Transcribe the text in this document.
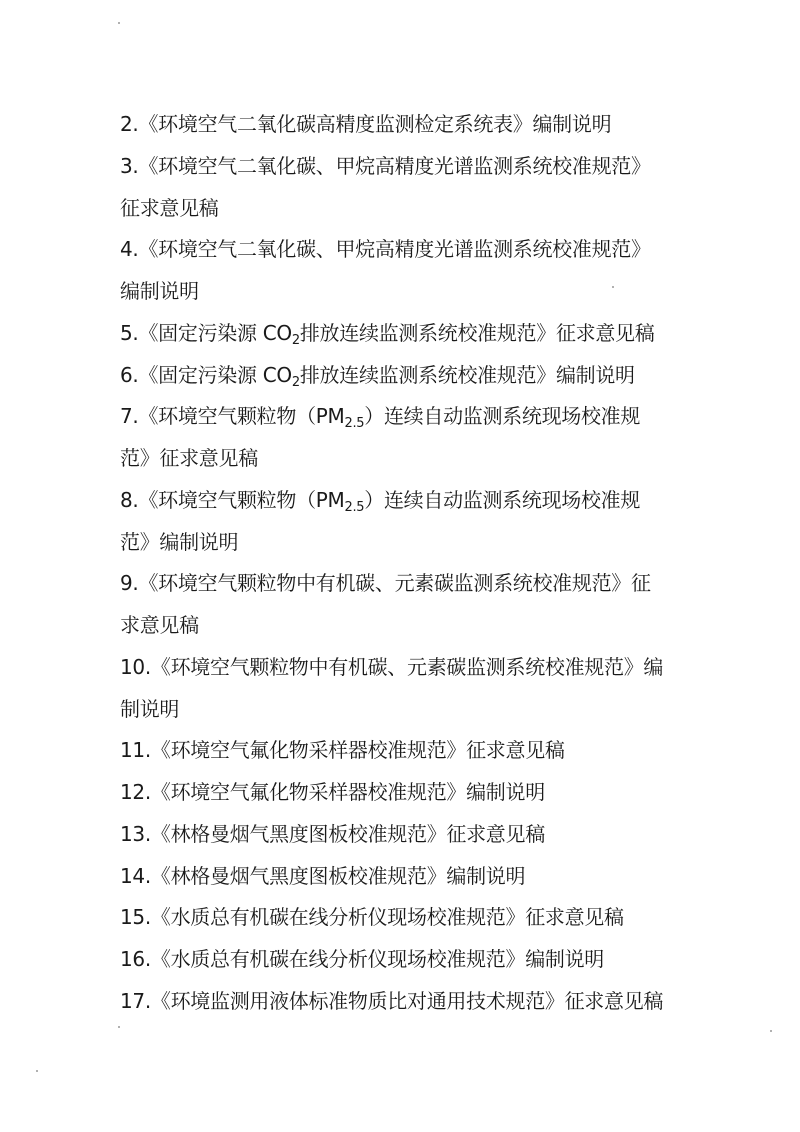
2.《环境空气二氧化碳高精度监测检定系统表》编制说明
3.《环境空气二氧化碳、甲烷高精度光谱监测系统校准规范》
征求意见稿
4.《环境空气二氧化碳、甲烷高精度光谱监测系统校准规范》
编制说明
5.《固定污染源 $CO_2$排放连续监测系统校准规范》征求意见稿
6.《固定污染源 $CO_2$排放连续监测系统校准规范》编制说明
7.《环境空气颗粒物$(PM_{2.5})$连续自动监测系统现场校准规
范》征求意见稿
8.《环境空气颗粒物$(PM_{2.5})$连续自动监测系统现场校准规
范》编制说明
9.《环境空气颗粒物中有机碳、元素碳监测系统校准规范》征
求意见稿
10.《环境空气颗粒物中有机碳、元素碳监测系统校准规范》编
制说明
11.《环境空气氟化物采样器校准规范》征求意见稿
12.《环境空气氟化物采样器校准规范》编制说明
13.《林格曼烟气黑度图板校准规范》征求意见稿
14.《林格曼烟气黑度图板校准规范》编制说明
15.《水质总有机碳在线分析仪现场校准规范》征求意见稿
16.《水质总有机碳在线分析仪现场校准规范》编制说明
17.《环境监测用液体标准物质比对通用技术规范》征求意见稿
